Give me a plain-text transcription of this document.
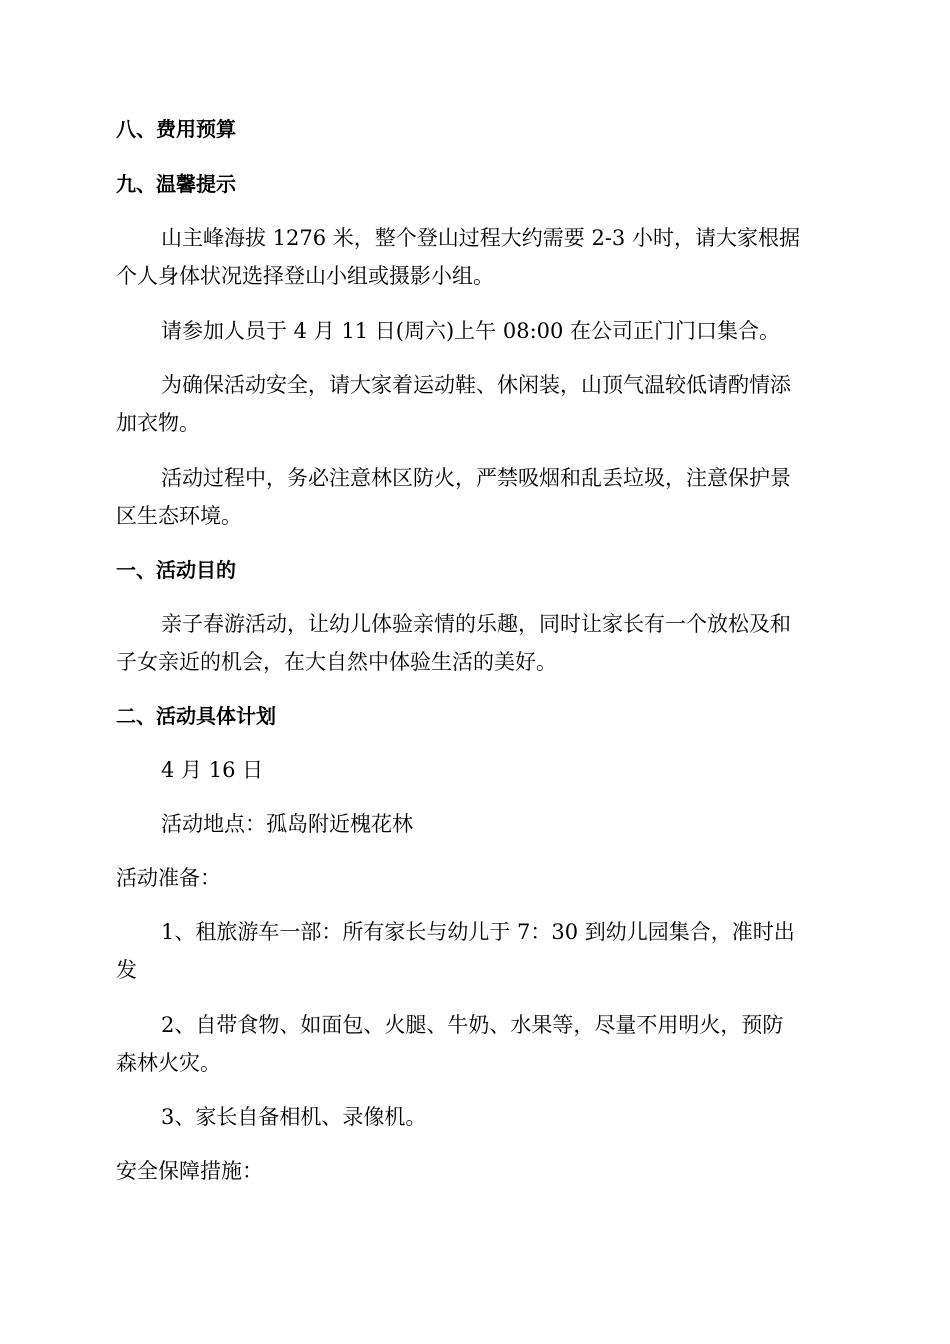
八、费用预算
九、温馨提示
山主峰海拔 1276 米，整个登山过程大约需要 2-3 小时，请大家根据
个人身体状况选择登山小组或摄影小组。
请参加人员于 4 月 11 日(周六)上午 08:00 在公司正门门口集合。
为确保活动安全，请大家着运动鞋、休闲装，山顶气温较低请酌情添
加衣物。
活动过程中，务必注意林区防火，严禁吸烟和乱丢垃圾，注意保护景
区生态环境。
一、活动目的
亲子春游活动，让幼儿体验亲情的乐趣，同时让家长有一个放松及和
子女亲近的机会，在大自然中体验生活的美好。
二、活动具体计划
4 月 16 日
活动地点：孤岛附近槐花林
活动准备：
1、租旅游车一部：所有家长与幼儿于 7：30 到幼儿园集合，准时出
发
2、自带食物、如面包、火腿、牛奶、水果等，尽量不用明火，预防
森林火灾。
3、家长自备相机、录像机。
安全保障措施：
